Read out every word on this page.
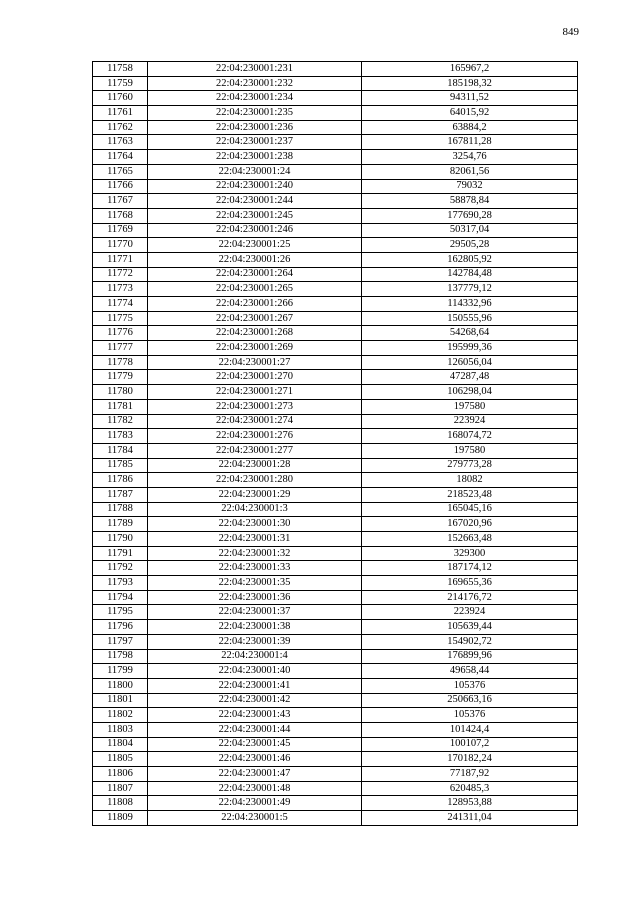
849
11758	22:04:230001:231	165967,2
11759	22:04:230001:232	185198,32
11760	22:04:230001:234	94311,52
11761	22:04:230001:235	64015,92
11762	22:04:230001:236	63884,2
11763	22:04:230001:237	167811,28
11764	22:04:230001:238	3254,76
11765	22:04:230001:24	82061,56
11766	22:04:230001:240	79032
11767	22:04:230001:244	58878,84
11768	22:04:230001:245	177690,28
11769	22:04:230001:246	50317,04
11770	22:04:230001:25	29505,28
11771	22:04:230001:26	162805,92
11772	22:04:230001:264	142784,48
11773	22:04:230001:265	137779,12
11774	22:04:230001:266	114332,96
11775	22:04:230001:267	150555,96
11776	22:04:230001:268	54268,64
11777	22:04:230001:269	195999,36
11778	22:04:230001:27	126056,04
11779	22:04:230001:270	47287,48
11780	22:04:230001:271	106298,04
11781	22:04:230001:273	197580
11782	22:04:230001:274	223924
11783	22:04:230001:276	168074,72
11784	22:04:230001:277	197580
11785	22:04:230001:28	279773,28
11786	22:04:230001:280	18082
11787	22:04:230001:29	218523,48
11788	22:04:230001:3	165045,16
11789	22:04:230001:30	167020,96
11790	22:04:230001:31	152663,48
11791	22:04:230001:32	329300
11792	22:04:230001:33	187174,12
11793	22:04:230001:35	169655,36
11794	22:04:230001:36	214176,72
11795	22:04:230001:37	223924
11796	22:04:230001:38	105639,44
11797	22:04:230001:39	154902,72
11798	22:04:230001:4	176899,96
11799	22:04:230001:40	49658,44
11800	22:04:230001:41	105376
11801	22:04:230001:42	250663,16
11802	22:04:230001:43	105376
11803	22:04:230001:44	101424,4
11804	22:04:230001:45	100107,2
11805	22:04:230001:46	170182,24
11806	22:04:230001:47	77187,92
11807	22:04:230001:48	620485,3
11808	22:04:230001:49	128953,88
11809	22:04:230001:5	241311,04
